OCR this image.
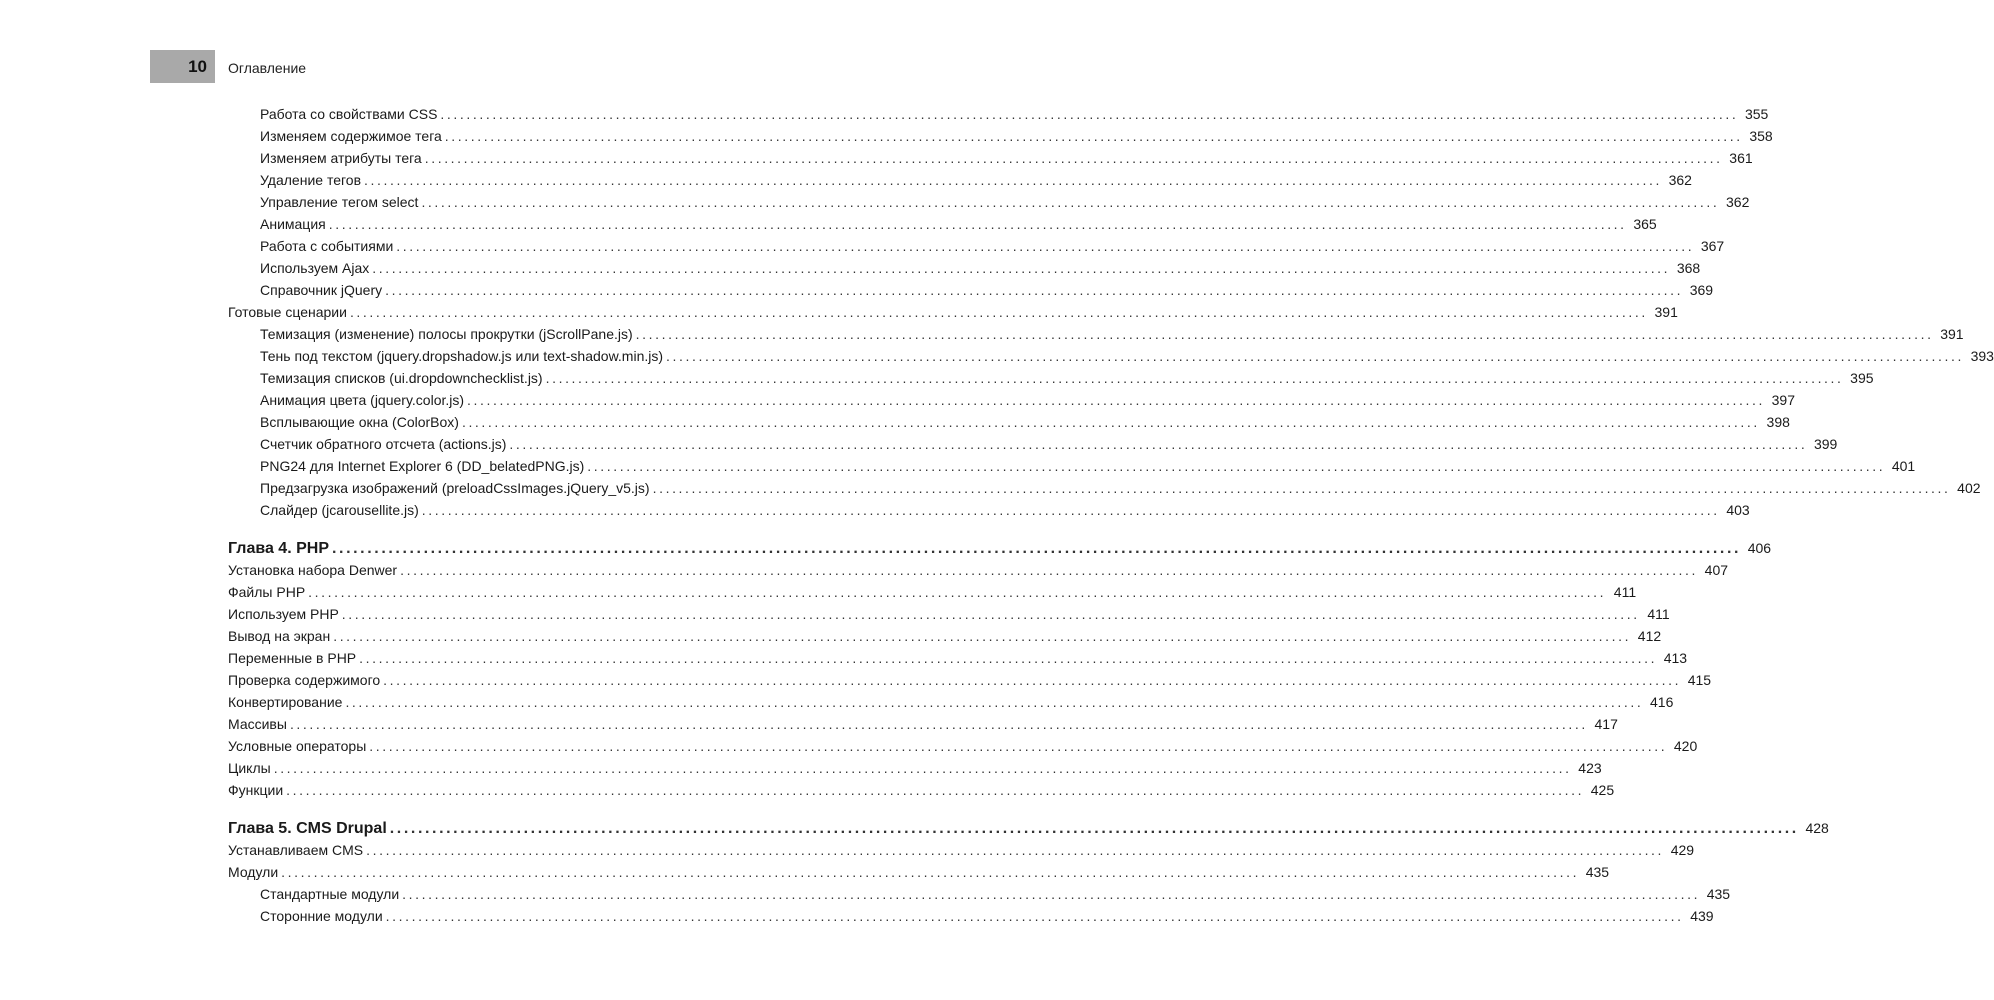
10 Оглавление
Работа со свойствами CSS ........................................................................................................................................................................................................ 355
Изменяем содержимое тега ........................................................................................................................................................................................................ 358
Изменяем атрибуты тега ........................................................................................................................................................................................................ 361
Удаление тегов ........................................................................................................................................................................................................ 362
Управление тегом select ........................................................................................................................................................................................................ 362
Анимация ........................................................................................................................................................................................................ 365
Работа с событиями ........................................................................................................................................................................................................ 367
Используем Ajax ........................................................................................................................................................................................................ 368
Справочник jQuery ........................................................................................................................................................................................................ 369
Готовые сценарии ........................................................................................................................................................................................................ 391
Темизация (изменение) полосы прокрутки (jScrollPane.js) ........................................................................................................................................................................................................ 391
Тень под текстом (jquery.dropshadow.js или text-shadow.min.js) ........................................................................................................................................................................................................ 393
Темизация списков (ui.dropdownchecklist.js) ........................................................................................................................................................................................................ 395
Анимация цвета (jquery.color.js) ........................................................................................................................................................................................................ 397
Всплывающие окна (ColorBox) ........................................................................................................................................................................................................ 398
Счетчик обратного отсчета (actions.js) ........................................................................................................................................................................................................ 399
PNG24 для Internet Explorer 6 (DD_belatedPNG.js) ........................................................................................................................................................................................................ 401
Предзагрузка изображений (preloadCssImages.jQuery_v5.js) ........................................................................................................................................................................................................ 402
Слайдер (jcarousellite.js) ........................................................................................................................................................................................................ 403
Глава 4. PHP ........................................................................................................................................................................................................ 406
Установка набора Denwer ........................................................................................................................................................................................................ 407
Файлы PHP ........................................................................................................................................................................................................ 411
Используем PHP ........................................................................................................................................................................................................ 411
Вывод на экран ........................................................................................................................................................................................................ 412
Переменные в PHP ........................................................................................................................................................................................................ 413
Проверка содержимого ........................................................................................................................................................................................................ 415
Конвертирование ........................................................................................................................................................................................................ 416
Массивы ........................................................................................................................................................................................................ 417
Условные операторы ........................................................................................................................................................................................................ 420
Циклы ........................................................................................................................................................................................................ 423
Функции ........................................................................................................................................................................................................ 425
Глава 5. CMS Drupal ........................................................................................................................................................................................................ 428
Устанавливаем CMS ........................................................................................................................................................................................................ 429
Модули ........................................................................................................................................................................................................ 435
Стандартные модули ........................................................................................................................................................................................................ 435
Сторонние модули ........................................................................................................................................................................................................ 439
